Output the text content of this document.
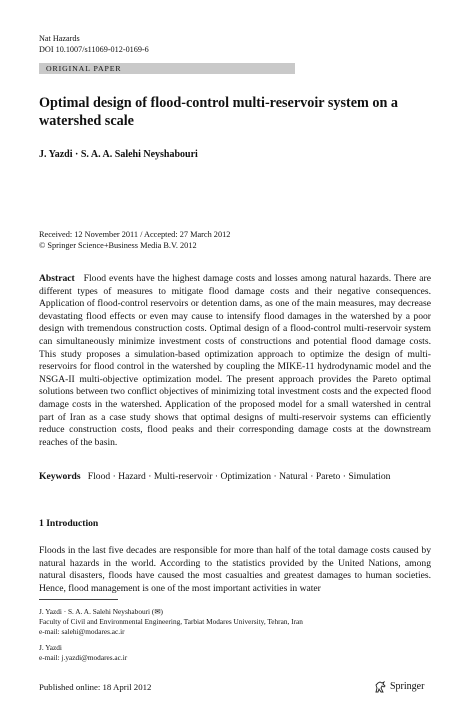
Nat Hazards
DOI 10.1007/s11069-012-0169-6
ORIGINAL PAPER
Optimal design of flood-control multi-reservoir system on a watershed scale
J. Yazdi · S. A. A. Salehi Neyshabouri
Received: 12 November 2011 / Accepted: 27 March 2012
© Springer Science+Business Media B.V. 2012

Abstract Flood events have the highest damage costs and losses among natural hazards. There are different types of measures to mitigate flood damage costs and their negative consequences. Application of flood-control reservoirs or detention dams, as one of the main measures, may decrease devastating flood effects or even may cause to intensify flood damages in the watershed by a poor design with tremendous construction costs. Optimal design of a flood-control multi-reservoir system can simultaneously minimize investment costs of constructions and potential flood damage costs. This study proposes a simulation-based optimization approach to optimize the design of multi-reservoirs for flood control in the watershed by coupling the MIKE-11 hydrodynamic model and the NSGA-II multi-objective optimization model. The present approach provides the Pareto optimal solutions between two conflict objectives of minimizing total investment costs and the expected flood damage costs in the watershed. Application of the proposed model for a small watershed in central part of Iran as a case study shows that optimal designs of multi-reservoir systems can efficiently reduce construction costs, flood peaks and their corresponding damage costs at the downstream reaches of the basin.

Keywords Flood · Hazard · Multi-reservoir · Optimization · Natural · Pareto · Simulation

1 Introduction

Floods in the last five decades are responsible for more than half of the total damage costs caused by natural hazards in the world. According to the statistics provided by the United Nations, among natural disasters, floods have caused the most casualties and greatest damages to human societies. Hence, flood management is one of the most important activities in water

J. Yazdi · S. A. A. Salehi Neyshabouri (✉)
Faculty of Civil and Environmental Engineering, Tarbiat Modares University, Tehran, Iran
e-mail: salehi@modares.ac.ir
J. Yazdi
e-mail: j.yazdi@modares.ac.ir
Published online: 18 April 2012	Springer
